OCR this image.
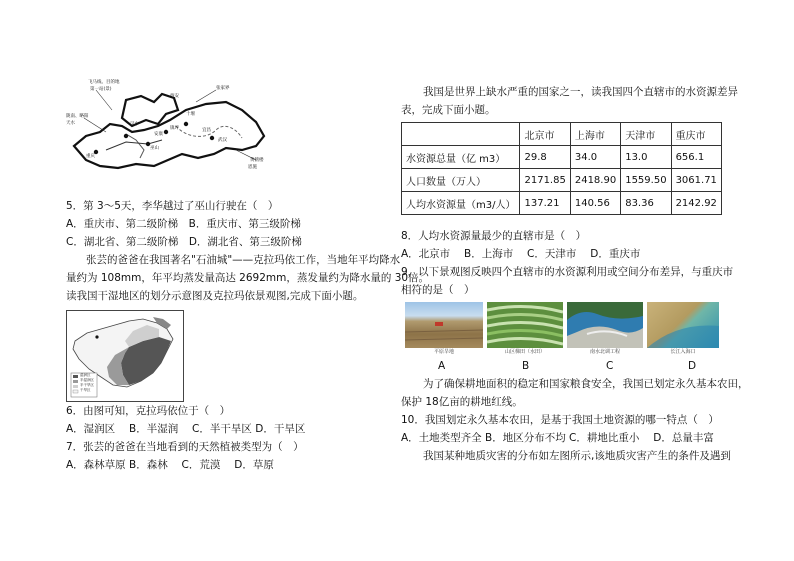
飞马线、目的地
第一站(景)
陇南、略阳
天水	汉中
安康
西安
张家界
十堰
镇坪	宜昌
武汉
巫山
重庆
黄鹤楼
恩施
5．第 3～5天，李华越过了巫山行驶在（　）
A．重庆市、第二级阶梯　B．重庆市、第三级阶梯
C．湖北省、第二级阶梯　D．湖北省、第三级阶梯
张芸的爸爸在我国著名"石油城"——克拉玛依工作，当地年平均降水
量约为 108mm，年平均蒸发量高达 2692mm，蒸发量约为降水量的 30倍。
读我国干湿地区的划分示意图及克拉玛依景观图,完成下面小题。
湿润区
半湿润区
半干旱区
干旱区
6．由图可知，克拉玛依位于（　）
A．湿润区　 B．半湿润　 C．半干旱区 D．干旱区
7．张芸的爸爸在当地看到的天然植被类型为（　）
A．森林草原 B．森林　 C．荒漠　 D．草原
我国是世界上缺水严重的国家之一，读我国四个直辖市的水资源差异
表，完成下面小题。
	北京市	上海市	天津市	重庆市
水资源总量（亿 m3）	29.8	34.0	13.0	656.1
人口数量（万人）	2171.85	2418.90	1559.50	3061.71
人均水资源量（m3/人）	137.21	140.56	83.36	2142.92
8．人均水资源量最少的直辖市是（　）
A．北京市　 B．上海市　 C．天津市　 D．重庆市
9．以下景观图反映四个直辖市的水资源利用或空间分布差异，与重庆市
相符的是（　）
平原旱地	山区梯田（水田）	南水北调工程	长江入海口
A	B	C	D
为了确保耕地面积的稳定和国家粮食安全，我国已划定永久基本农田，
保护 18亿亩的耕地红线。
10．我国划定永久基本农田，是基于我国土地资源的哪一特点（　）
A．土地类型齐全 B．地区分布不均 C．耕地比重小　 D．总量丰富
我国某种地质灾害的分布如左图所示,该地质灾害产生的条件及遇到
